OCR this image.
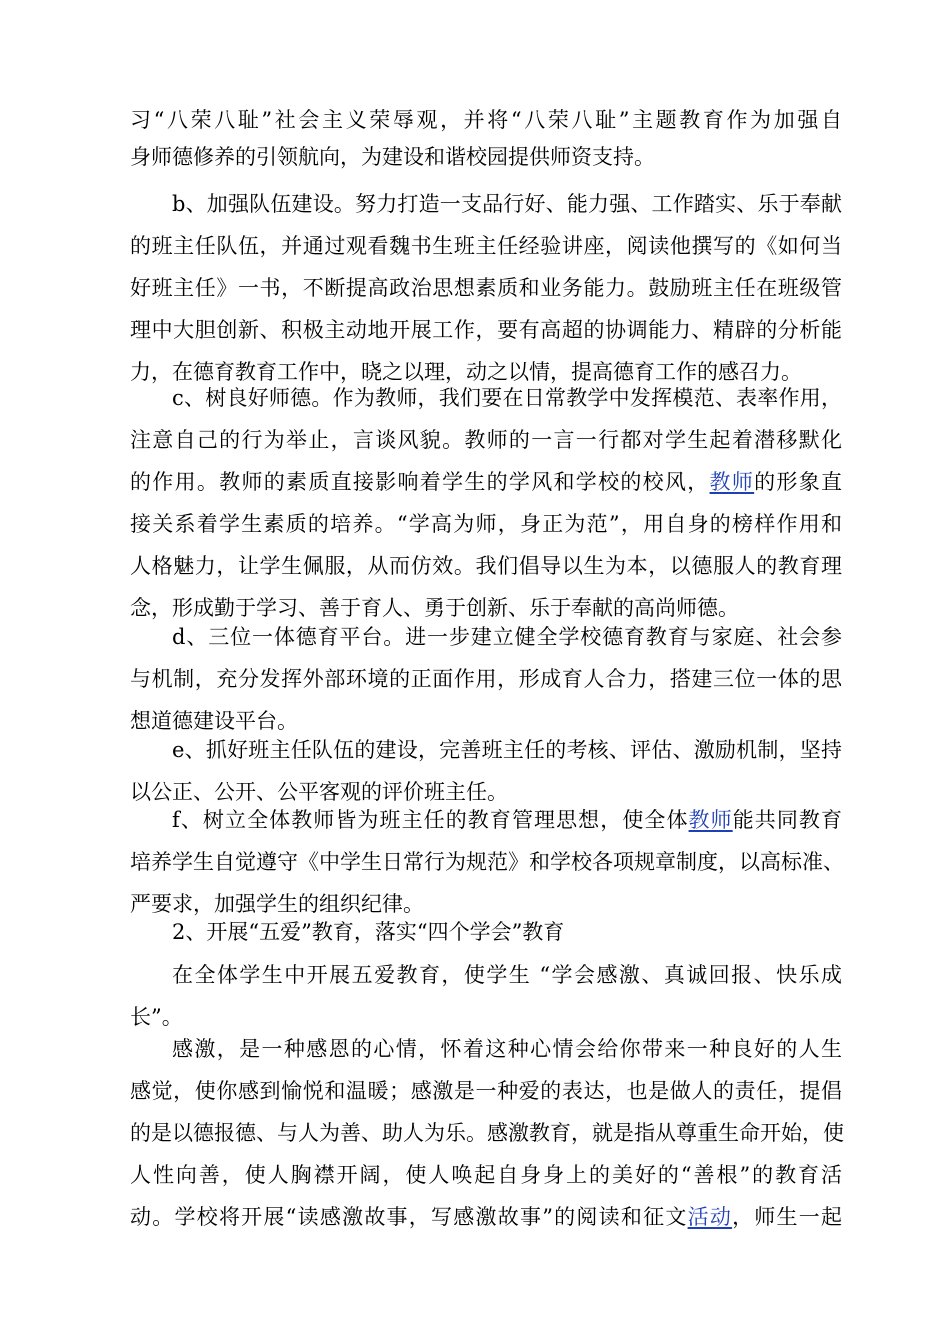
习“八荣八耻”社会主义荣辱观，并将“八荣八耻”主题教育作为加强自
身师德修养的引领航向，为建设和谐校园提供师资支持。
b、加强队伍建设。努力打造一支品行好、能力强、工作踏实、乐于奉献
的班主任队伍，并通过观看魏书生班主任经验讲座，阅读他撰写的《如何当
好班主任》一书，不断提高政治思想素质和业务能力。鼓励班主任在班级管
理中大胆创新、积极主动地开展工作，要有高超的协调能力、精辟的分析能
力，在德育教育工作中，晓之以理，动之以情，提高德育工作的感召力。
c、树良好师德。作为教师，我们要在日常教学中发挥模范、表率作用，
注意自己的行为举止，言谈风貌。教师的一言一行都对学生起着潜移默化
的作用。教师的素质直接影响着学生的学风和学校的校风，教师的形象直
接关系着学生素质的培养。“学高为师，身正为范”，用自身的榜样作用和
人格魅力，让学生佩服，从而仿效。我们倡导以生为本，以德服人的教育理
念，形成勤于学习、善于育人、勇于创新、乐于奉献的高尚师德。
d、三位一体德育平台。进一步建立健全学校德育教育与家庭、社会参
与机制，充分发挥外部环境的正面作用，形成育人合力，搭建三位一体的思
想道德建设平台。
e、抓好班主任队伍的建设，完善班主任的考核、评估、激励机制，坚持
以公正、公开、公平客观的评价班主任。
f、树立全体教师皆为班主任的教育管理思想，使全体教师能共同教育
培养学生自觉遵守《中学生日常行为规范》和学校各项规章制度，以高标准、
严要求，加强学生的组织纪律。
2、开展“五爱”教育，落实“四个学会”教育
在全体学生中开展五爱教育，使学生 “学会感激、真诚回报、快乐成
长”。
感激，是一种感恩的心情，怀着这种心情会给你带来一种良好的人生
感觉，使你感到愉悦和温暖；感激是一种爱的表达，也是做人的责任，提倡
的是以德报德、与人为善、助人为乐。感激教育，就是指从尊重生命开始，使
人性向善，使人胸襟开阔，使人唤起自身身上的美好的“善根”的教育活
动。学校将开展“读感激故事，写感激故事”的阅读和征文活动，师生一起
